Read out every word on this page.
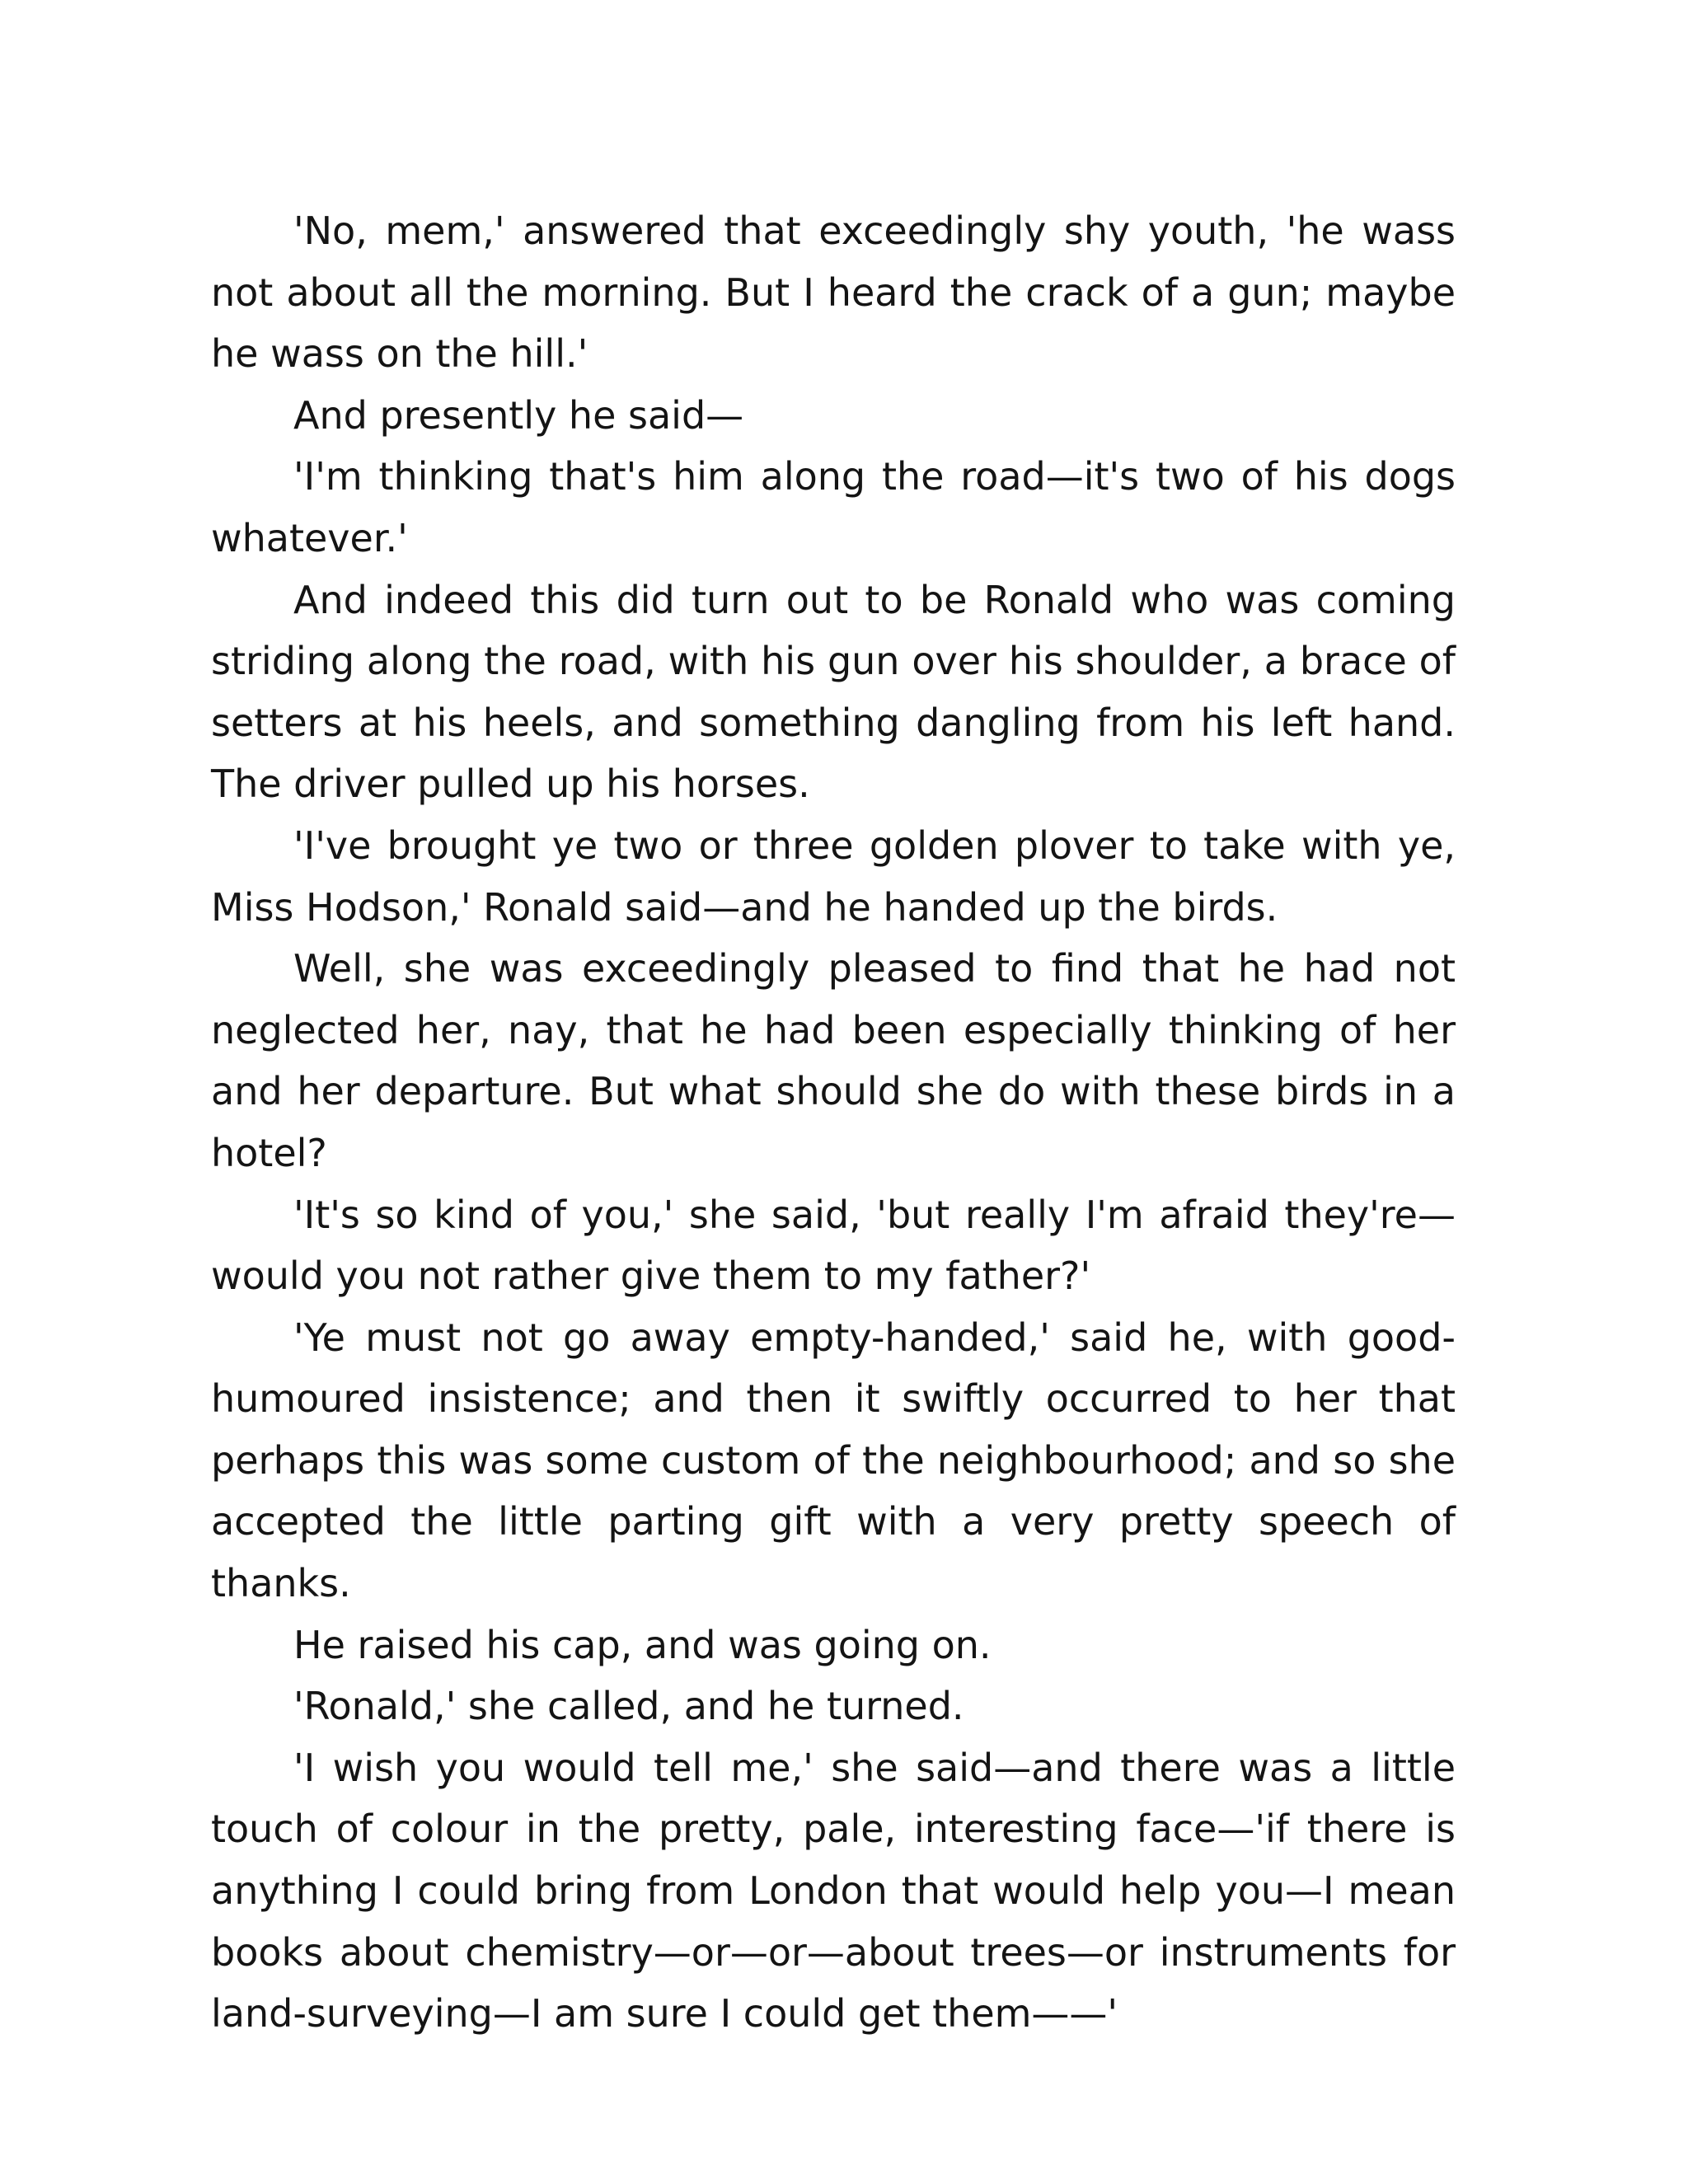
'No, mem,' answered that exceedingly shy youth, 'he wass not about all the morning. But I heard the crack of a gun; maybe he wass on the hill.'

And presently he said—

'I'm thinking that's him along the road—it's two of his dogs whatever.'

And indeed this did turn out to be Ronald who was coming striding along the road, with his gun over his shoulder, a brace of setters at his heels, and something dangling from his left hand. The driver pulled up his horses.

'I've brought ye two or three golden plover to take with ye, Miss Hodson,' Ronald said—and he handed up the birds.

Well, she was exceedingly pleased to find that he had not neglected her, nay, that he had been especially thinking of her and her departure. But what should she do with these birds in a hotel?

'It's so kind of you,' she said, 'but really I'm afraid they're—would you not rather give them to my father?'

'Ye must not go away empty-handed,' said he, with good-humoured insistence; and then it swiftly occurred to her that perhaps this was some custom of the neighbourhood; and so she accepted the little parting gift with a very pretty speech of thanks.

He raised his cap, and was going on.

'Ronald,' she called, and he turned.

'I wish you would tell me,' she said—and there was a little touch of colour in the pretty, pale, interesting face—'if there is anything I could bring from London that would help you—I mean books about chemistry—or—or—about trees—or instruments for land-surveying—I am sure I could get them——'
